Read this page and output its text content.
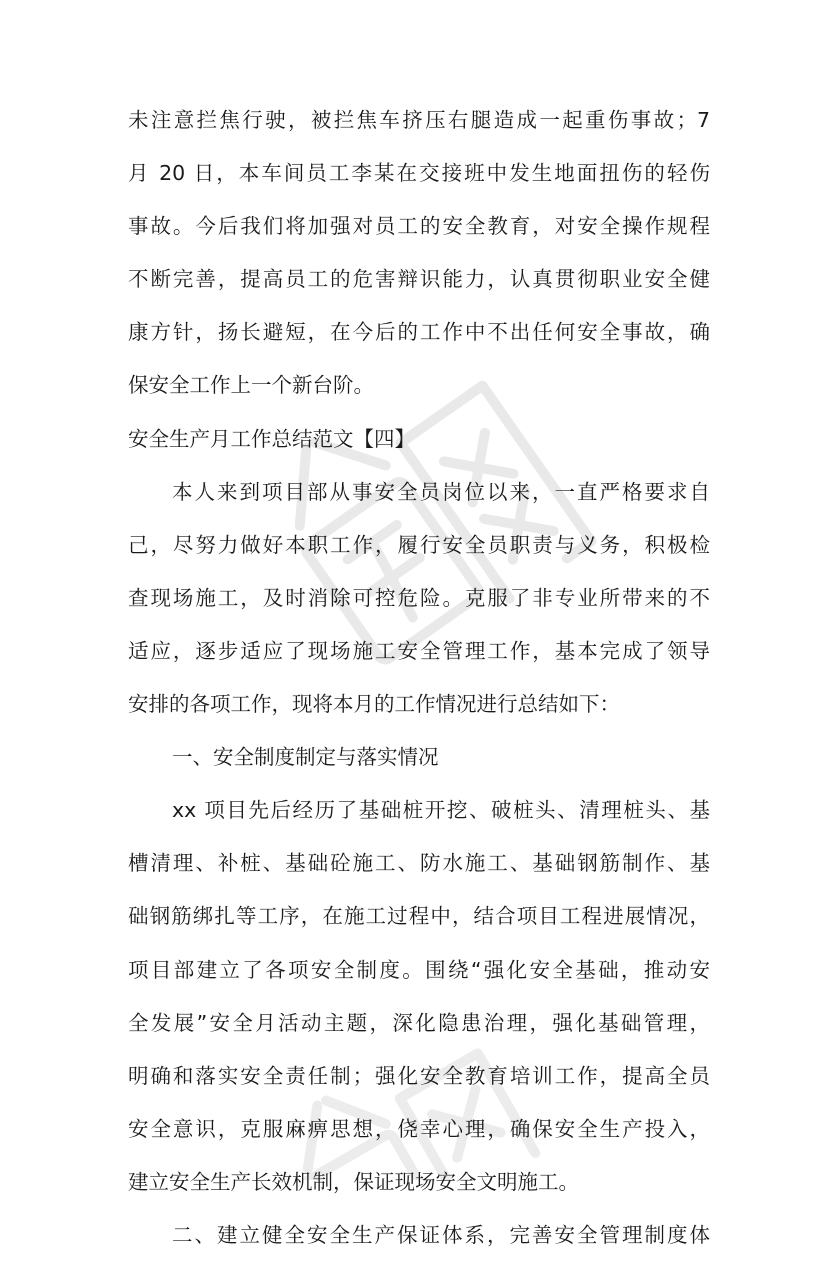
未注意拦焦行驶，被拦焦车挤压右腿造成一起重伤事故；7
月 20 日，本车间员工李某在交接班中发生地面扭伤的轻伤
事故。今后我们将加强对员工的安全教育，对安全操作规程
不断完善，提高员工的危害辩识能力，认真贯彻职业安全健
康方针，扬长避短，在今后的工作中不出任何安全事故，确
保安全工作上一个新台阶。
安全生产月工作总结范文【四】
本人来到项目部从事安全员岗位以来，一直严格要求自
己，尽努力做好本职工作，履行安全员职责与义务，积极检
查现场施工，及时消除可控危险。克服了非专业所带来的不
适应，逐步适应了现场施工安全管理工作，基本完成了领导
安排的各项工作，现将本月的工作情况进行总结如下：
一、安全制度制定与落实情况
xx 项目先后经历了基础桩开挖、破桩头、清理桩头、基
槽清理、补桩、基础砼施工、防水施工、基础钢筋制作、基
础钢筋绑扎等工序，在施工过程中，结合项目工程进展情况，
项目部建立了各项安全制度。围绕“强化安全基础，推动安
全发展”安全月活动主题，深化隐患治理，强化基础管理，
明确和落实安全责任制；强化安全教育培训工作，提高全员
安全意识，克服麻痹思想，侥幸心理，确保安全生产投入，
建立安全生产长效机制，保证现场安全文明施工。
二、建立健全安全生产保证体系，完善安全管理制度体
